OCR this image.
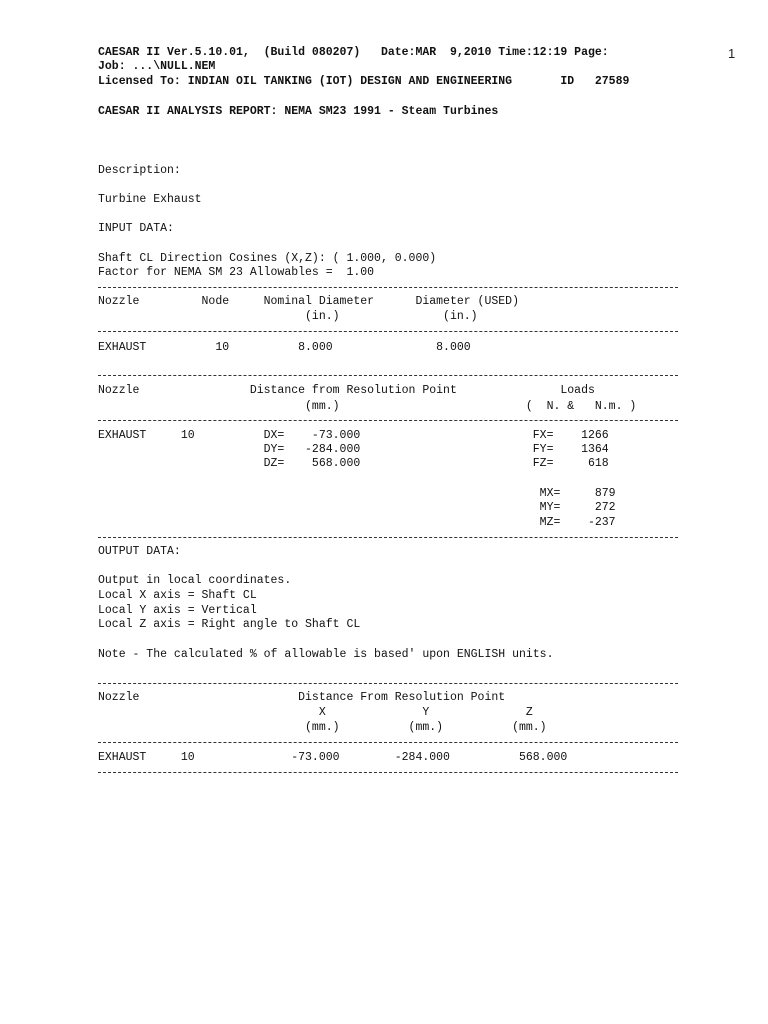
CAESAR II Ver.5.10.01,  (Build 080207)   Date:MAR  9,2010 Time:12:19 Page:	1
Job: ...\NULL.NEM
Licensed To: INDIAN OIL TANKING (IOT) DESIGN AND ENGINEERING       ID   27589
CAESAR II ANALYSIS REPORT: NEMA SM23 1991 - Steam Turbines
Description:
Turbine Exhaust
INPUT DATA:
Shaft CL Direction Cosines (X,Z): ( 1.000, 0.000)
Factor for NEMA SM 23 Allowables =  1.00
Nozzle         Node     Nominal Diameter      Diameter (USED)
(in.)               (in.)
EXHAUST          10          8.000               8.000
Nozzle                Distance from Resolution Point               Loads
(mm.)                           (  N. &   N.m. )
EXHAUST     10          DX=    -73.000                         FX=    1266
DY=   -284.000                         FY=    1364
DZ=    568.000                         FZ=     618
MX=     879
MY=     272
MZ=    -237
OUTPUT DATA:
Output in local coordinates.
Local X axis = Shaft CL
Local Y axis = Vertical
Local Z axis = Right angle to Shaft CL
Note - The calculated % of allowable is based' upon ENGLISH units.
Nozzle                       Distance From Resolution Point
X              Y              Z
(mm.)          (mm.)          (mm.)
EXHAUST     10              -73.000        -284.000          568.000
